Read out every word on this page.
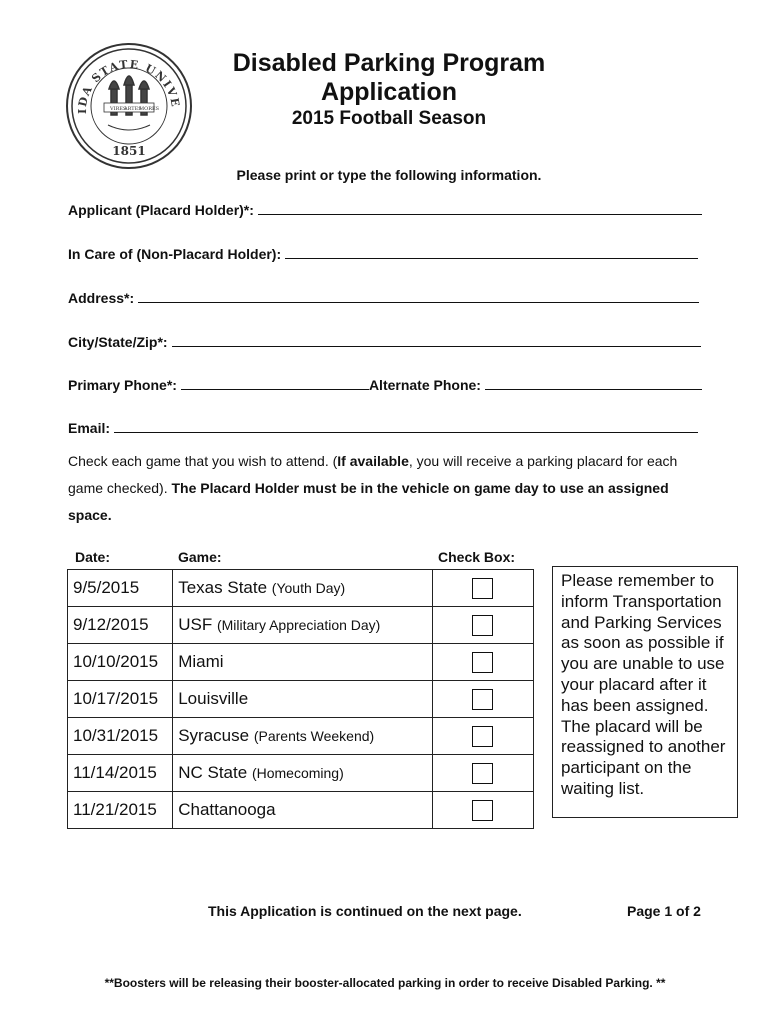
IDA STATE UNIVE
VIRES
ARTES
MORES
1851
Disabled Parking Program
Application
2015 Football Season
Please print or type the following information.
Applicant (Placard Holder)*:
In Care of (Non-Placard Holder):
Address*:
City/State/Zip*:
Primary Phone*:	Alternate Phone:
Email:
Check each game that you wish to attend. (If available, you will receive a parking placard for each game checked). The Placard Holder must be in the vehicle on game day to use an assigned space.
Date:	Game:	Check Box:
9/5/2015	Texas State (Youth Day)	
9/12/2015	USF (Military Appreciation Day)	
10/10/2015	Miami	
10/17/2015	Louisville	
10/31/2015	Syracuse (Parents Weekend)	
11/14/2015	NC State (Homecoming)	
11/21/2015	Chattanooga	
Please remember to inform Transportation and Parking Services as soon as possible if you are unable to use your placard after it has been assigned. The placard will be reassigned to another participant on the waiting list.
This Application is continued on the next page.	Page 1 of 2
**Boosters will be releasing their booster-allocated parking in order to receive Disabled Parking. **
